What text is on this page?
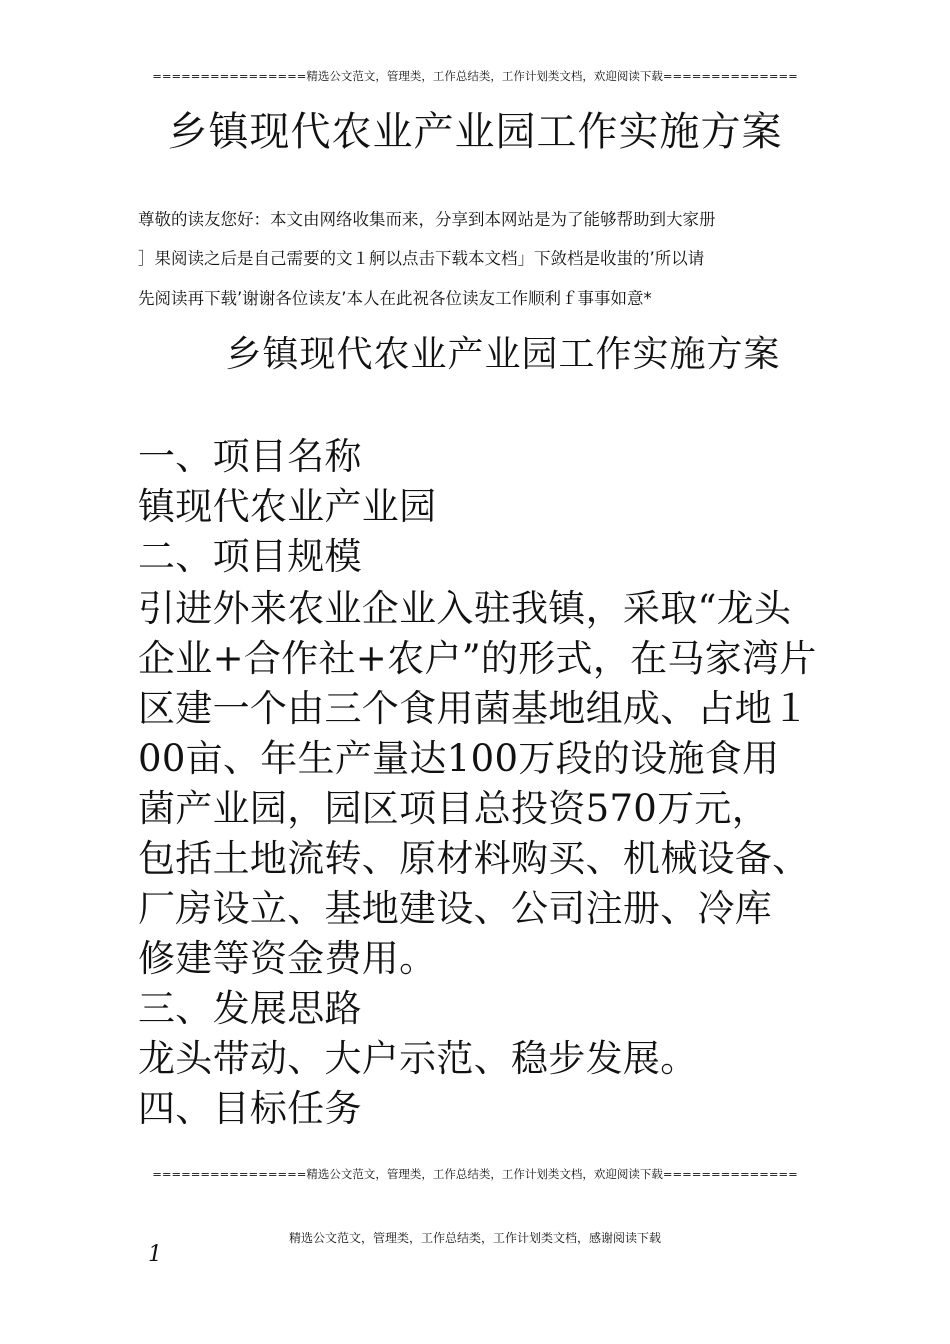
================精选公文范文，管理类，工作总结类，工作计划类文档，欢迎阅读下载==============
乡镇现代农业产业园工作实施方案
尊敬的读友您好：本文由网络收集而来，分享到本网站是为了能够帮助到大家册
］果阅读之后是自己需要的文１舸以点击下载本文档」下敛档是收蚩的’所以请
先阅读再下载’谢谢各位读友’本人在此祝各位读友工作顺利ｆ事事如意*
乡镇现代农业产业园工作实施方案
一、项目名称
镇现代农业产业园
二、项目规模
引进外来农业企业入驻我镇，采取“龙头
企业+合作社+农户”的形式，在马家湾片
区建一个由三个食用菌基地组成、占地１
00亩、年生产量达100万段的设施食用
菌产业园，园区项目总投资570万元，
包括土地流转、原材料购买、机械设备、
厂房设立、基地建设、公司注册、冷库
修建等资金费用。
三、发展思路
龙头带动、大户示范、稳步发展。
四、目标任务
================精选公文范文，管理类，工作总结类，工作计划类文档，欢迎阅读下载==============
精选公文范文，管理类，工作总结类，工作计划类文档，感谢阅读下载
1
